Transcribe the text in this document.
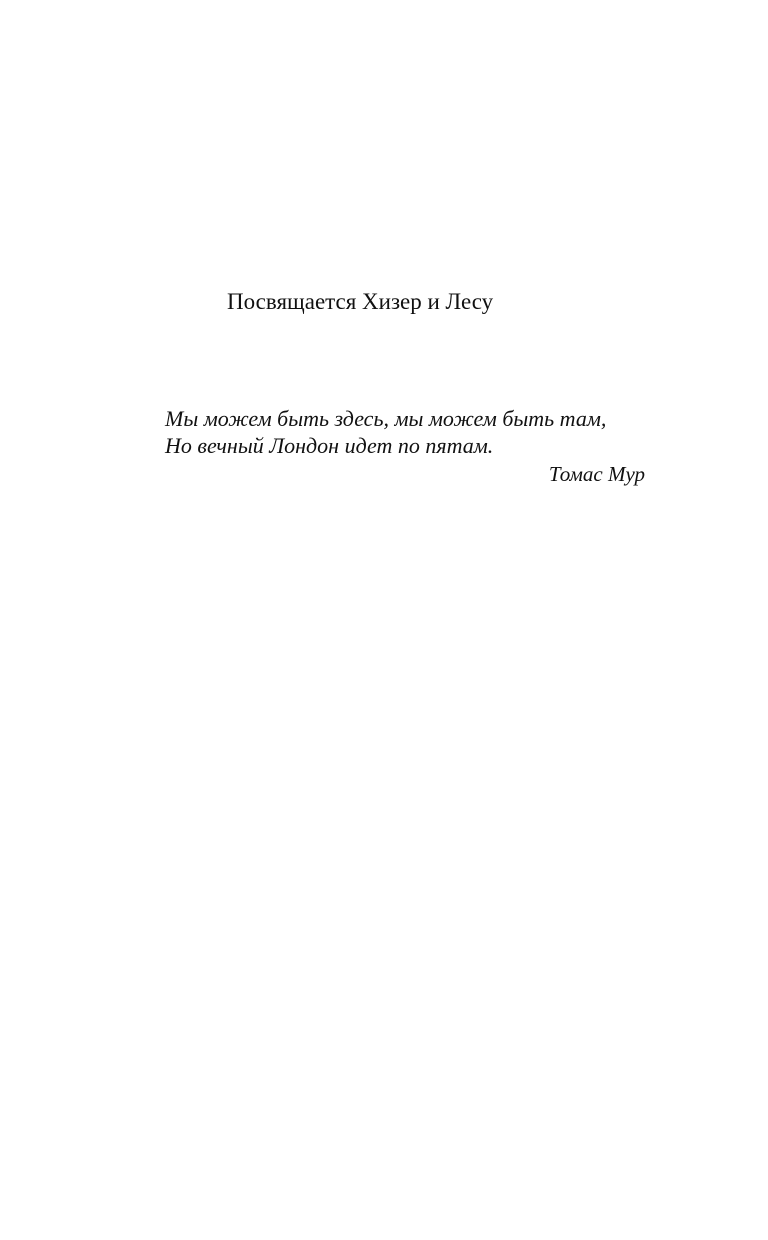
Посвящается Хизер и Лесу
Мы можем быть здесь, мы можем быть там,
Но вечный Лондон идет по пятам.
Томас Мур
